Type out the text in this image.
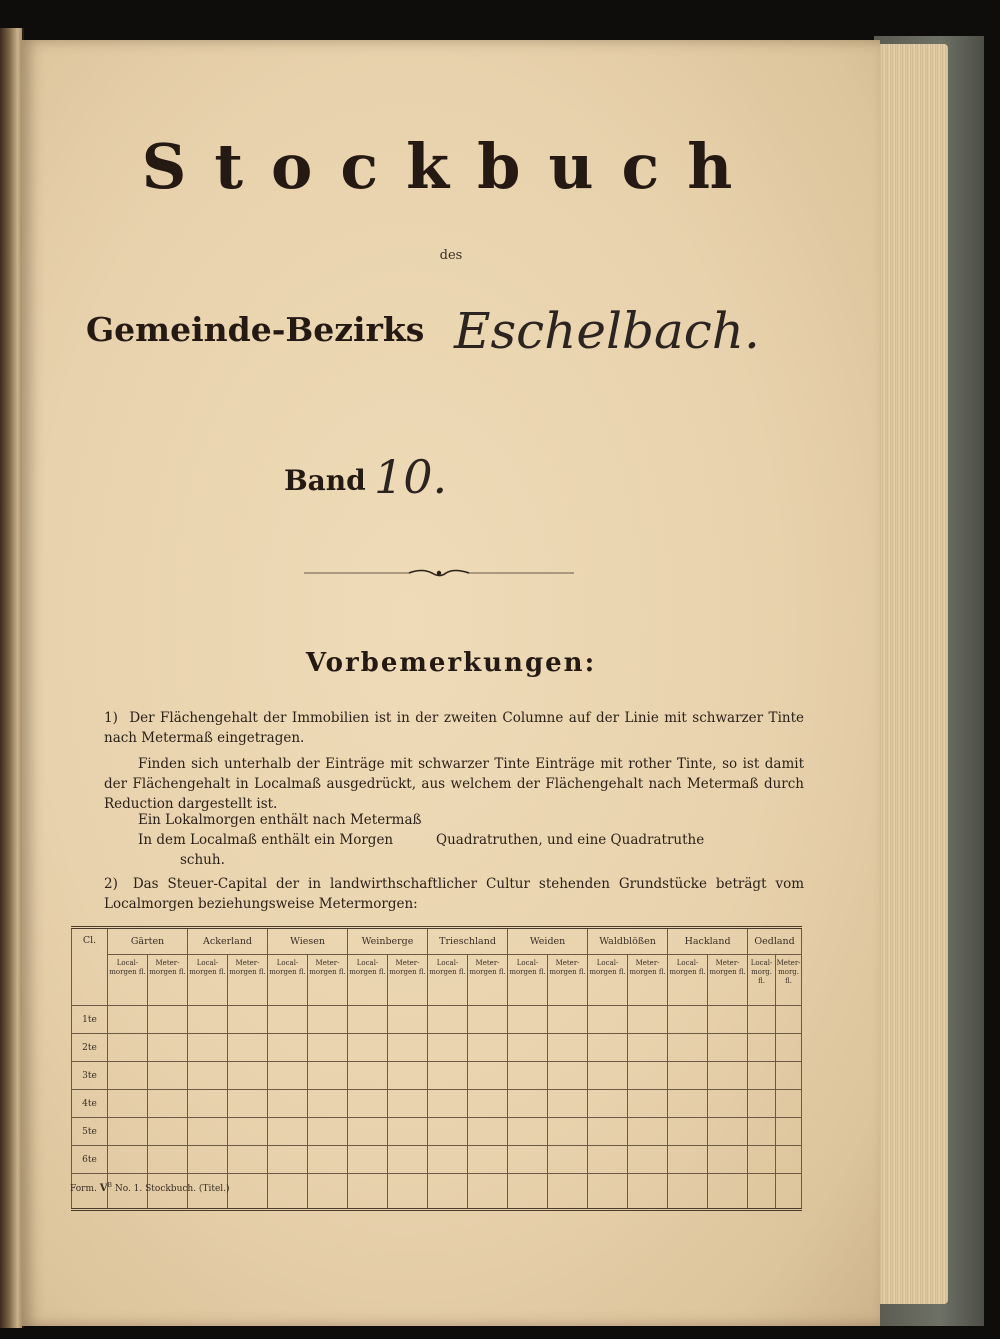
Stockbuch
des
Gemeinde-Bezirks Eschelbach.
Band 10.
Vorbemerkungen:
1) Der Flächengehalt der Immobilien ist in der zweiten Columne auf der Linie mit schwarzer Tinte nach Metermaß eingetragen.
Finden sich unterhalb der Einträge mit schwarzer Tinte Einträge mit rother Tinte, so ist damit der Flächengehalt in Localmaß ausgedrückt, aus welchem der Flächengehalt nach Metermaß durch Reduction dargestellt ist.
Ein Lokalmorgen enthält nach Metermaß
In dem Localmaß enthält ein Morgen          Quadratruthen, und eine Quadratruthe
schuh.
2) Das Steuer-Capital der in landwirthschaftlicher Cultur stehenden Grundstücke beträgt vom Localmorgen beziehungsweise Metermorgen:
Cl.	Gärten		Ackerland		Wiesen		Weinberge		Trieschland		Weiden		Waldblößen		Hackland		Oedland	
	Local- morgen fl.	Meter- morgen fl.	Local- morgen fl.	Meter- morgen fl.	Local- morgen fl.	Meter- morgen fl.	Local- morgen fl.	Meter- morgen fl.	Local- morgen fl.	Meter- morgen fl.	Local- morgen fl.	Meter- morgen fl.	Local- morgen fl.	Meter- morgen fl.	Local- morgen fl.	Meter- morgen fl.	Local- morg. fl.	Meter- morg. fl.
1te																		
2te																		
3te																		
4te																		
5te																		
6te																		

Form. $V^B$ No. 1. Stockbuch. (Titel.)
